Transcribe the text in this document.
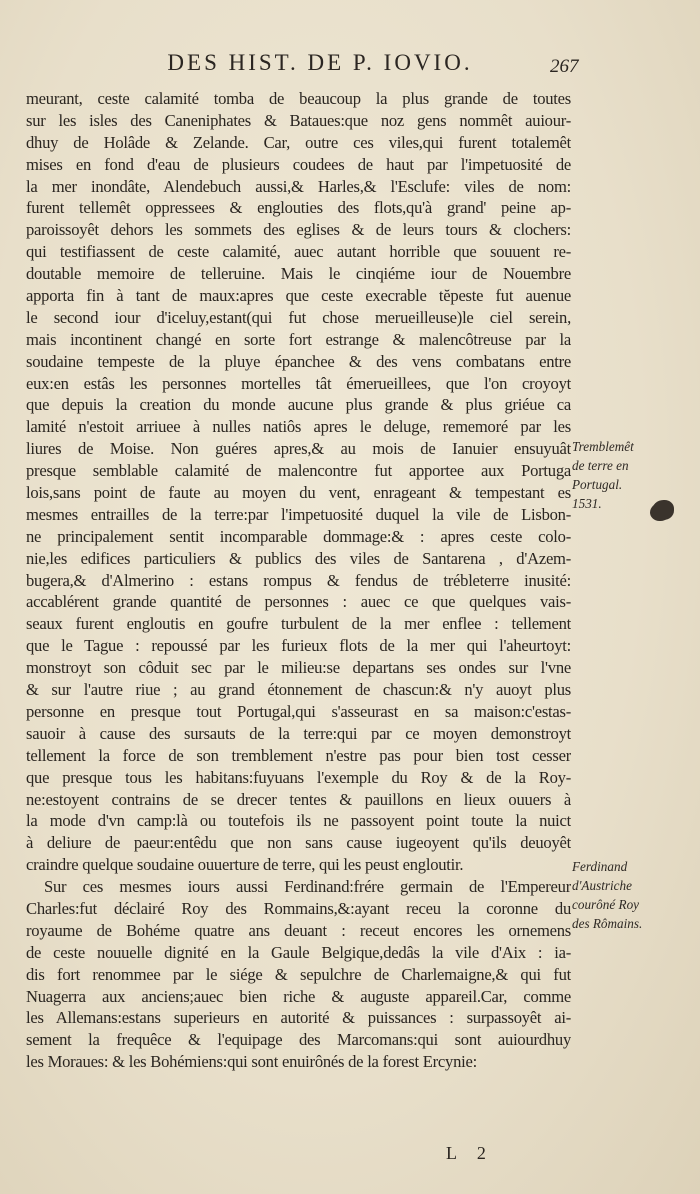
DES HIST. DE P. IOVIO.	267
meurant, ceste calamité tomba de beaucoup la plus grande de toutes
sur les isles des Caneniphates & Bataues:que noz gens nommêt auiour-
dhuy de Holâde & Zelande. Car, outre ces viles,qui furent totalemêt
mises en fond d'eau de plusieurs coudees de haut par l'impetuosité de
la mer inondâte, Alendebuch aussi,& Harles,& l'Esclufe: viles de nom:
furent tellemêt oppressees & englouties des flots,qu'à grand' peine ap-
paroissoyêt dehors les sommets des eglises & de leurs tours & clochers:
qui testifiassent de ceste calamité, auec autant horrible que souuent re-
doutable memoire de telleruine. Mais le cinqiéme iour de Nouembre
apporta fin à tant de maux:apres que ceste execrable tĕpeste fut auenue
le second iour d'iceluy,estant(qui fut chose merueilleuse)le ciel serein,
mais incontinent changé en sorte fort estrange & malencôtreuse par la
soudaine tempeste de la pluye épanchee & des vens combatans entre
eux:en estâs les personnes mortelles tât émerueillees, que l'on croyoyt
que depuis la creation du monde aucune plus grande & plus griéue ca
lamité n'estoit arriuee à nulles natiôs apres le deluge, rememoré par les
liures de Moise. Non guéres apres,& au mois de Ianuier ensuyuât
presque semblable calamité de malencontre fut apportee aux Portuga
lois,sans point de faute au moyen du vent, enrageant & tempestant es
mesmes entrailles de la terre:par l'impetuosité duquel la vile de Lisbon-
ne principalement sentit incomparable dommage:& : apres ceste colo-
nie,les edifices particuliers & publics des viles de Santarena , d'Azem-
bugera,& d'Almerino : estans rompus & fendus de trébleterre inusité:
accablérent grande quantité de personnes : auec ce que quelques vais-
seaux furent engloutis en goufre turbulent de la mer enflee : tellement
que le Tague : repoussé par les furieux flots de la mer qui l'aheurtoyt:
monstroyt son côduit sec par le milieu:se departans ses ondes sur l'vne
& sur l'autre riue ; au grand étonnement de chascun:& n'y auoyt plus
personne en presque tout Portugal,qui s'asseurast en sa maison:c'estas-
sauoir à cause des sursauts de la terre:qui par ce moyen demonstroyt
tellement la force de son tremblement n'estre pas pour bien tost cesser
que presque tous les habitans:fuyuans l'exemple du Roy & de la Roy-
ne:estoyent contrains de se drecer tentes & pauillons en lieux ouuers à
la mode d'vn camp:là ou toutefois ils ne passoyent point toute la nuict
à deliure de paeur:entêdu que non sans cause iugeoyent qu'ils deuoyêt
craindre quelque soudaine ouuerture de terre, qui les peust engloutir.
Sur ces mesmes iours aussi Ferdinand:frére germain de l'Empereur
Charles:fut déclairé Roy des Rommains,&:ayant receu la coronne du
royaume de Bohéme quatre ans deuant : receut encores les ornemens
de ceste nouuelle dignité en la Gaule Belgique,dedâs la vile d'Aix : ia-
dis fort renommee par le siége & sepulchre de Charlemaigne,& qui fut
Nuagerra aux anciens;auec bien riche & auguste appareil.Car, comme
les Allemans:estans superieurs en autorité & puissances : surpassoyêt ai-
sement la frequêce & l'equipage des Marcomans:qui sont auiourdhuy
les Moraues: & les Bohémiens:qui sont enuirônés de la forest Ercynie:
Tremblemêt
de terre en
Portugal.
1531.
Ferdinand
d'Austriche
courôné Roy
des Rômains.
L 2
